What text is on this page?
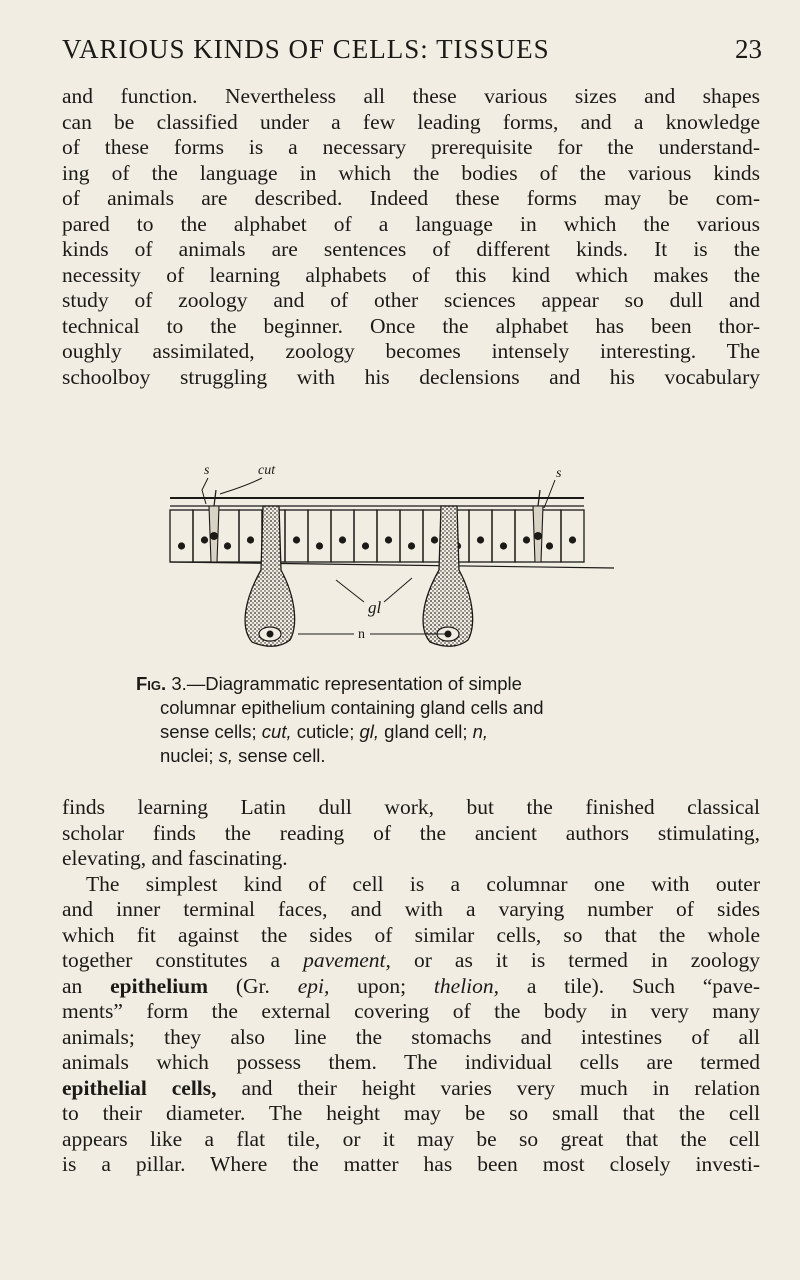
VARIOUS KINDS OF CELLS: TISSUES	23
and function. Nevertheless all these various sizes and shapes
can be classified under a few leading forms, and a knowledge
of these forms is a necessary prerequisite for the understand-
ing of the language in which the bodies of the various kinds
of animals are described. Indeed these forms may be com-
pared to the alphabet of a language in which the various
kinds of animals are sentences of different kinds. It is the
necessity of learning alphabets of this kind which makes the
study of zoology and of other sciences appear so dull and
technical to the beginner. Once the alphabet has been thor-
oughly assimilated, zoology becomes intensely interesting. The
schoolboy struggling with his declensions and his vocabulary
s	cut	s
gl
n
Fig. 3.—Diagrammatic representation of simple
columnar epithelium containing gland cells and
sense cells; cut, cuticle; gl, gland cell; n,
nuclei; s, sense cell.
finds learning Latin dull work, but the finished classical
scholar finds the reading of the ancient authors stimulating,
elevating, and fascinating.
The simplest kind of cell is a columnar one with outer
and inner terminal faces, and with a varying number of sides
which fit against the sides of similar cells, so that the whole
together constitutes a pavement, or as it is termed in zoology
an epithelium (Gr. epi, upon; thelion, a tile). Such “pave-
ments” form the external covering of the body in very many
animals; they also line the stomachs and intestines of all
animals which possess them. The individual cells are termed
epithelial cells, and their height varies very much in relation
to their diameter. The height may be so small that the cell
appears like a flat tile, or it may be so great that the cell
is a pillar. Where the matter has been most closely investi-
